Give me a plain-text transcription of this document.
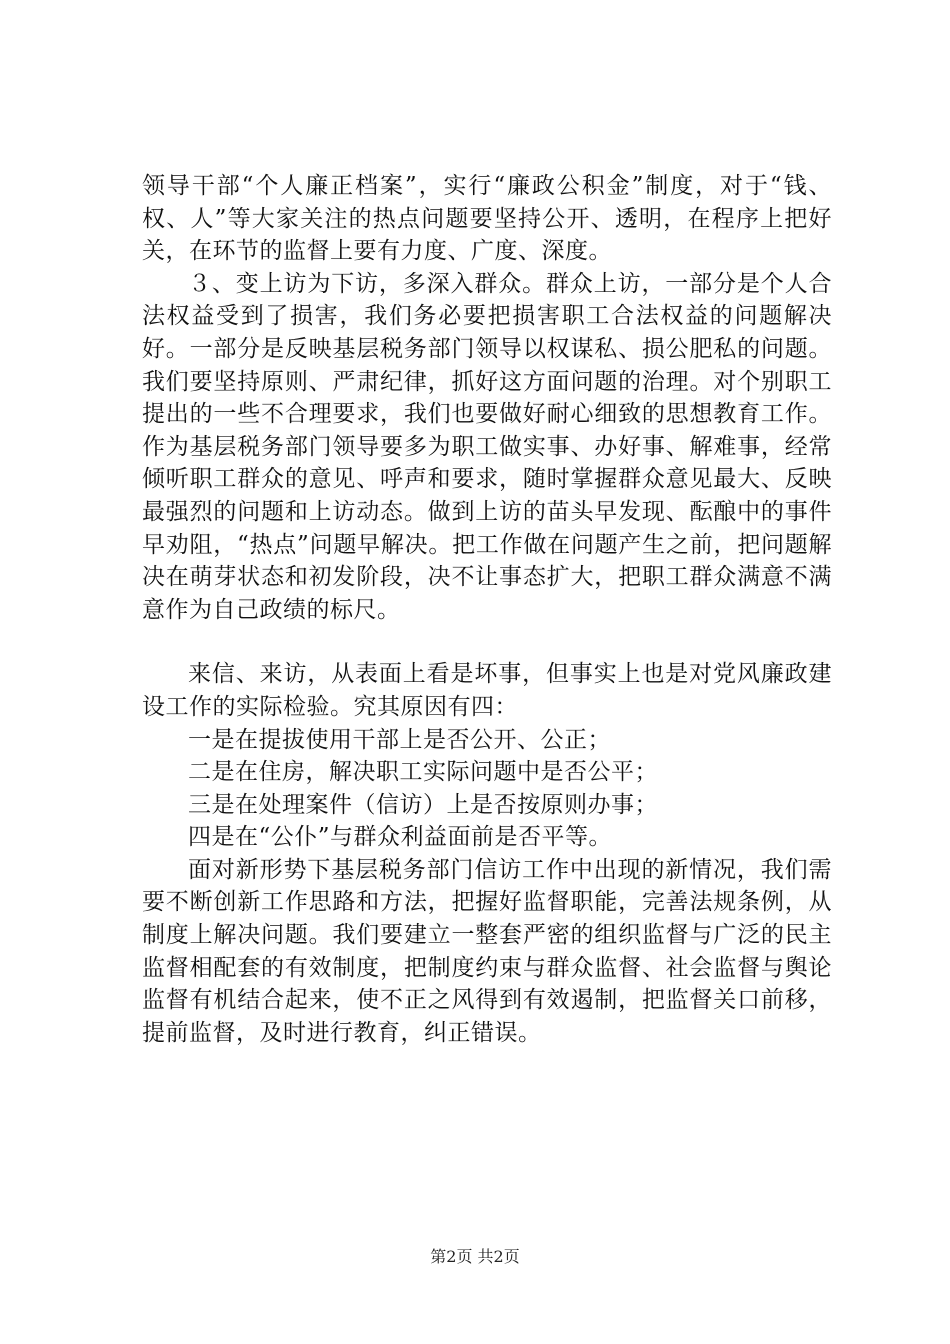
领导干部“个人廉正档案”，实行“廉政公积金”制度，对于“钱、权、人”等大家关注的热点问题要坚持公开、透明，在程序上把好关，在环节的监督上要有力度、广度、深度。

３、变上访为下访，多深入群众。群众上访，一部分是个人合法权益受到了损害，我们务必要把损害职工合法权益的问题解决好。一部分是反映基层税务部门领导以权谋私、损公肥私的问题。我们要坚持原则、严肃纪律，抓好这方面问题的治理。对个别职工提出的一些不合理要求，我们也要做好耐心细致的思想教育工作。作为基层税务部门领导要多为职工做实事、办好事、解难事，经常倾听职工群众的意见、呼声和要求，随时掌握群众意见最大、反映最强烈的问题和上访动态。做到上访的苗头早发现、酝酿中的事件早劝阻，“热点”问题早解决。把工作做在问题产生之前，把问题解决在萌芽状态和初发阶段，决不让事态扩大，把职工群众满意不满意作为自己政绩的标尺。

来信、来访，从表面上看是坏事，但事实上也是对党风廉政建设工作的实际检验。究其原因有四：

一是在提拔使用干部上是否公开、公正；

二是在住房，解决职工实际问题中是否公平；

三是在处理案件（信访）上是否按原则办事；

四是在“公仆”与群众利益面前是否平等。

面对新形势下基层税务部门信访工作中出现的新情况，我们需要不断创新工作思路和方法，把握好监督职能，完善法规条例，从制度上解决问题。我们要建立一整套严密的组织监督与广泛的民主监督相配套的有效制度，把制度约束与群众监督、社会监督与舆论监督有机结合起来，使不正之风得到有效遏制，把监督关口前移，提前监督，及时进行教育，纠正错误。

第2页 共2页
